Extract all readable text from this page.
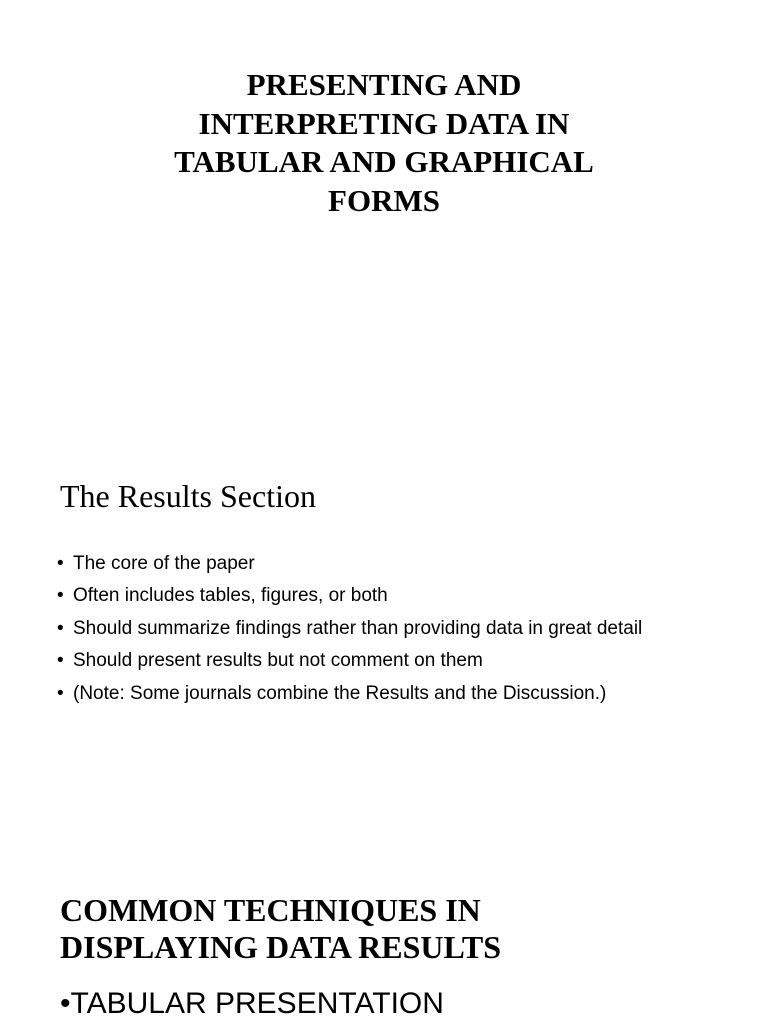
PRESENTING AND
INTERPRETING DATA IN
TABULAR AND GRAPHICAL
FORMS
The Results Section
• The core of the paper
• Often includes tables, figures, or both
• Should summarize findings rather than providing data in great detail
• Should present results but not comment on them
• (Note: Some journals combine the Results and the Discussion.)
COMMON TECHNIQUES IN
DISPLAYING DATA RESULTS

•TABULAR PRESENTATION
